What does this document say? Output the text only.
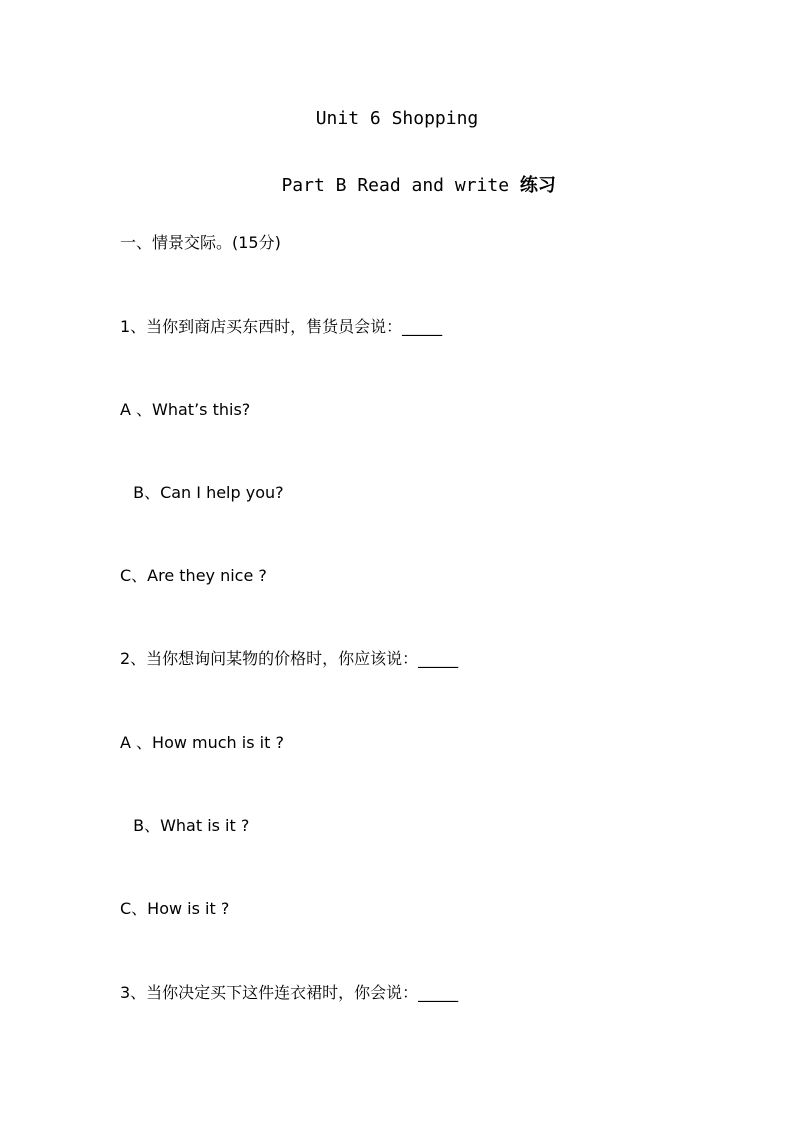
Unit 6 Shopping

Part B Read and write 练习

一、情景交际。(15分)
1、当你到商店买东西时，售货员会说：_____
A 、What’s this?
B、Can I help you?
C、Are they nice ?
2、当你想询问某物的价格时，你应该说：_____
A 、How much is it ?
B、What is it ?
C、How is it ?
3、当你决定买下这件连衣裙时，你会说：_____
